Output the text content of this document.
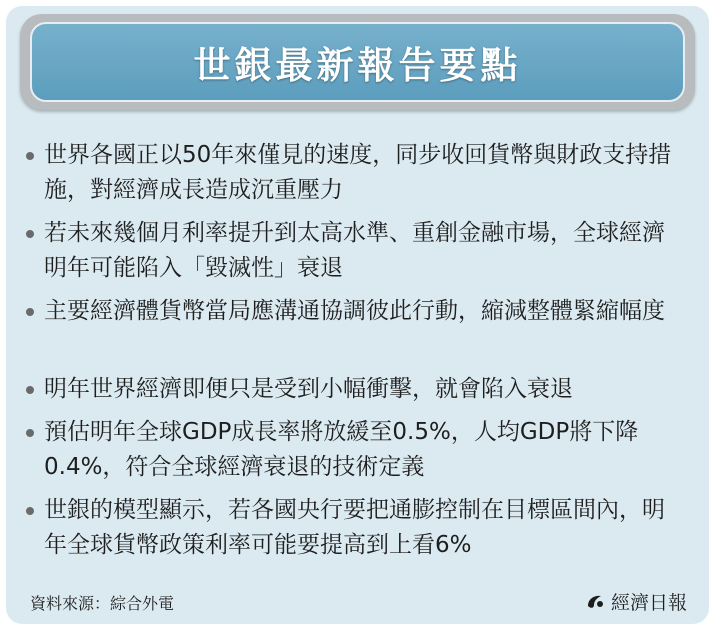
世銀最新報告要點
世界各國正以50年來僅見的速度，同步收回貨幣與財政支持措施，對經濟成長造成沉重壓力
若未來幾個月利率提升到太高水準、重創金融市場，全球經濟明年可能陷入「毀滅性」衰退
主要經濟體貨幣當局應溝通協調彼此行動，縮減整體緊縮幅度
明年世界經濟即便只是受到小幅衝擊，就會陷入衰退
預估明年全球GDP成長率將放緩至0.5%，人均GDP將下降0.4%，符合全球經濟衰退的技術定義
世銀的模型顯示，若各國央行要把通膨控制在目標區間內，明年全球貨幣政策利率可能要提高到上看6%
資料來源：綜合外電	經濟日報
